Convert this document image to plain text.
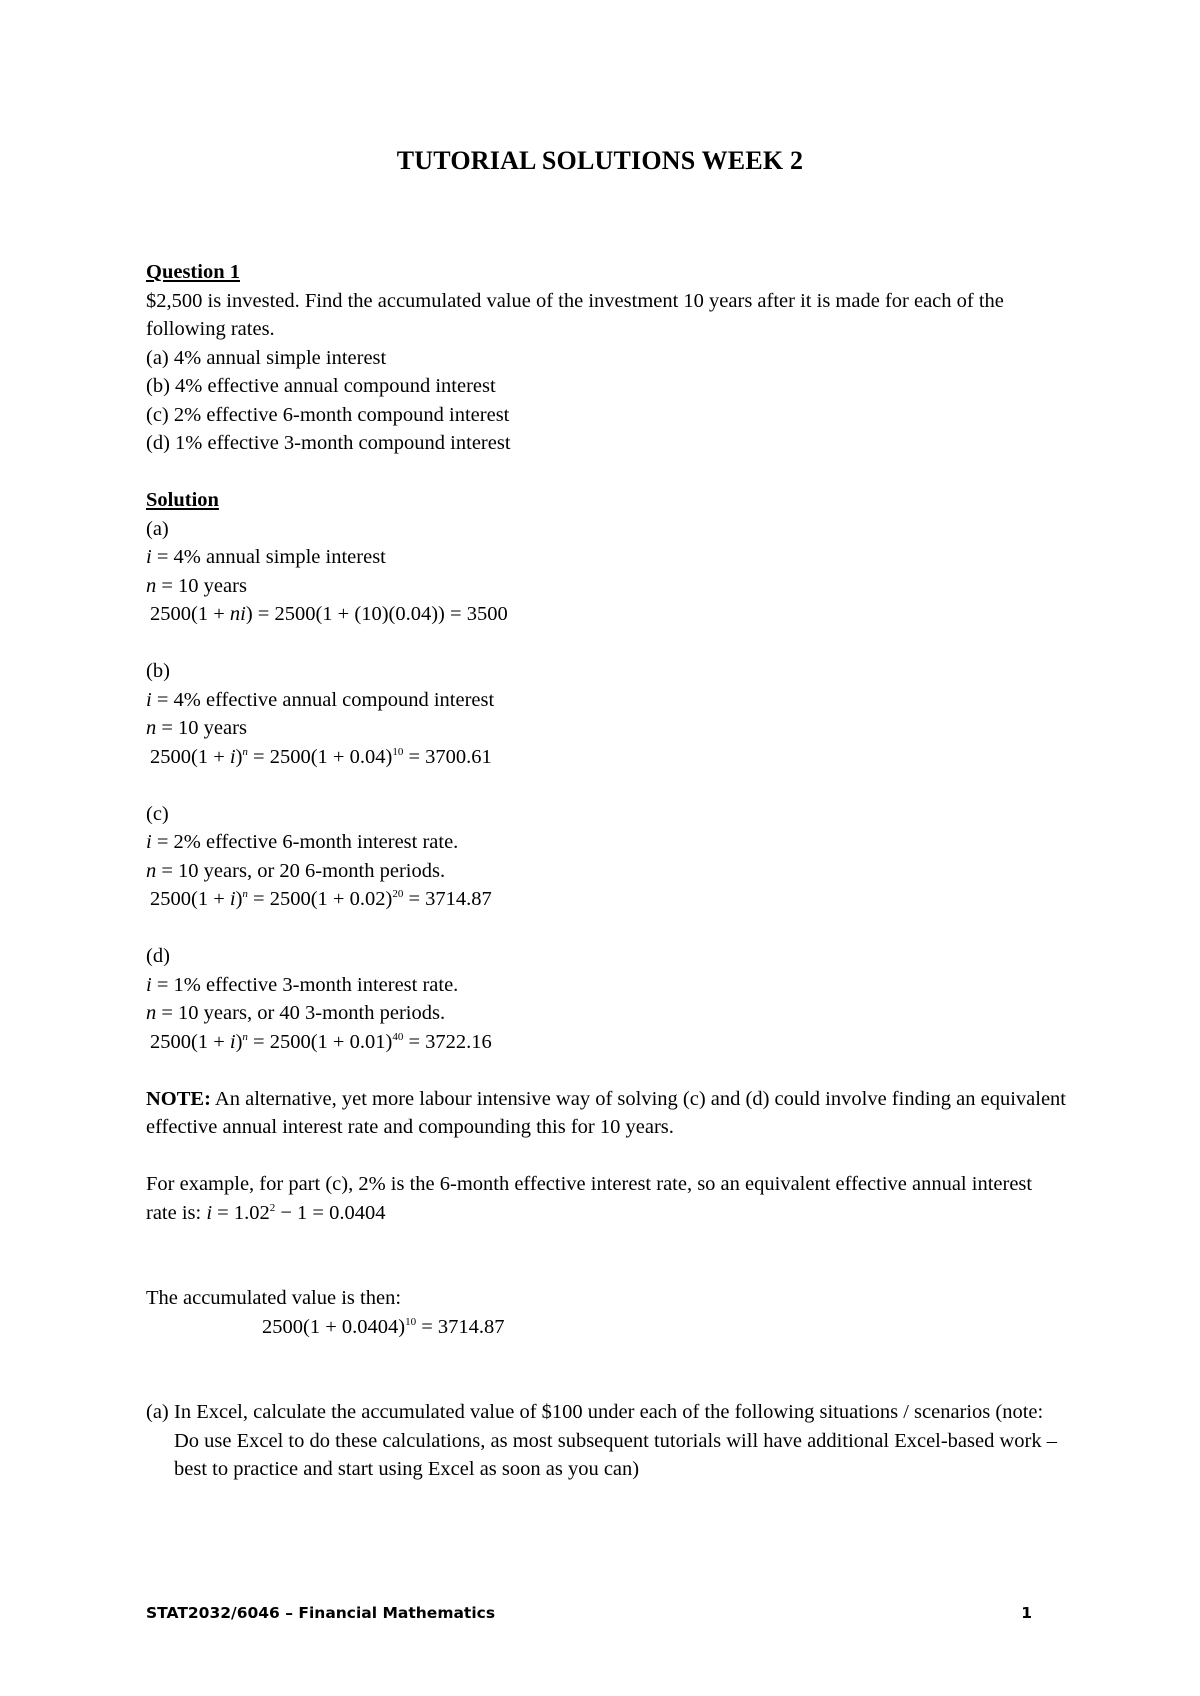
TUTORIAL SOLUTIONS WEEK 2

Question 1

$2,500 is invested. Find the accumulated value of the investment 10 years after it is made for each of the following rates.

(a) 4% annual simple interest

(b) 4% effective annual compound interest

(c) 2% effective 6-month compound interest

(d) 1% effective 3-month compound interest

Solution

(a)

i = 4% annual simple interest

n = 10 years

2500(1 + ni) = 2500(1 + (10)(0.04)) = 3500

(b)

i = 4% effective annual compound interest

n = 10 years

$2500(1 + i)^n = 2500(1 + 0.04)^{10} = 3700.61$

(c)

i = 2% effective 6-month interest rate.

n = 10 years, or 20 6-month periods.

$2500(1 + i)^n = 2500(1 + 0.02)^{20} = 3714.87$

(d)

i = 1% effective 3-month interest rate.

n = 10 years, or 40 3-month periods.

$2500(1 + i)^n = 2500(1 + 0.01)^{40} = 3722.16$

NOTE: An alternative, yet more labour intensive way of solving (c) and (d) could involve finding an equivalent effective annual interest rate and compounding this for 10 years.

For example, for part (c), 2% is the 6-month effective interest rate, so an equivalent effective annual interest rate is: $i = 1.02^2 - 1 = 0.0404$

The accumulated value is then:

$2500(1 + 0.0404)^{10} = 3714.87$

(a) In Excel, calculate the accumulated value of $100 under each of the following situations / scenarios (note: Do use Excel to do these calculations, as most subsequent tutorials will have additional Excel-based work – best to practice and start using Excel as soon as you can)
STAT2032/6046 – Financial Mathematics	1
